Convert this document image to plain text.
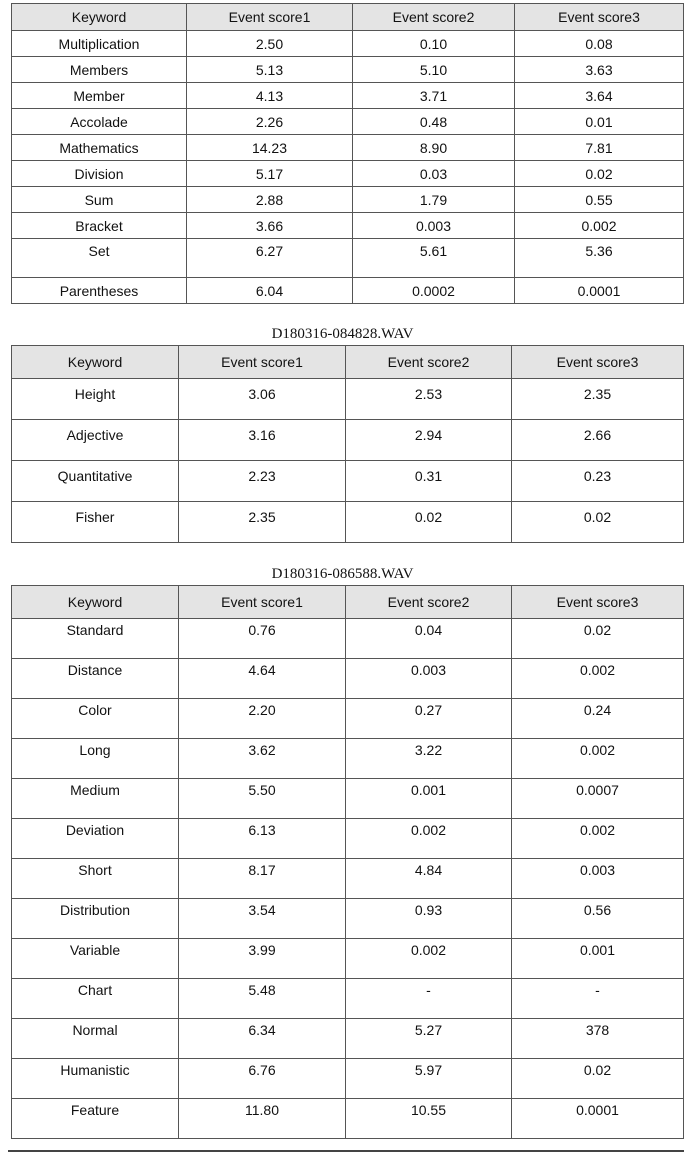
Keyword	Event score1	Event score2	Event score3
Multiplication	2.50	0.10	0.08
Members	5.13	5.10	3.63
Member	4.13	3.71	3.64
Accolade	2.26	0.48	0.01
Mathematics	14.23	8.90	7.81
Division	5.17	0.03	0.02
Sum	2.88	1.79	0.55
Bracket	3.66	0.003	0.002
Set	6.27	5.61	5.36
Parentheses	6.04	0.0002	0.0001
D180316-084828.WAV
Keyword	Event score1	Event score2	Event score3
Height	3.06	2.53	2.35
Adjective	3.16	2.94	2.66
Quantitative	2.23	0.31	0.23
Fisher	2.35	0.02	0.02
D180316-086588.WAV
Keyword	Event score1	Event score2	Event score3
Standard	0.76	0.04	0.02
Distance	4.64	0.003	0.002
Color	2.20	0.27	0.24
Long	3.62	3.22	0.002
Medium	5.50	0.001	0.0007
Deviation	6.13	0.002	0.002
Short	8.17	4.84	0.003
Distribution	3.54	0.93	0.56
Variable	3.99	0.002	0.001
Chart	5.48	-	-
Normal	6.34	5.27	378
Humanistic	6.76	5.97	0.02
Feature	11.80	10.55	0.0001
